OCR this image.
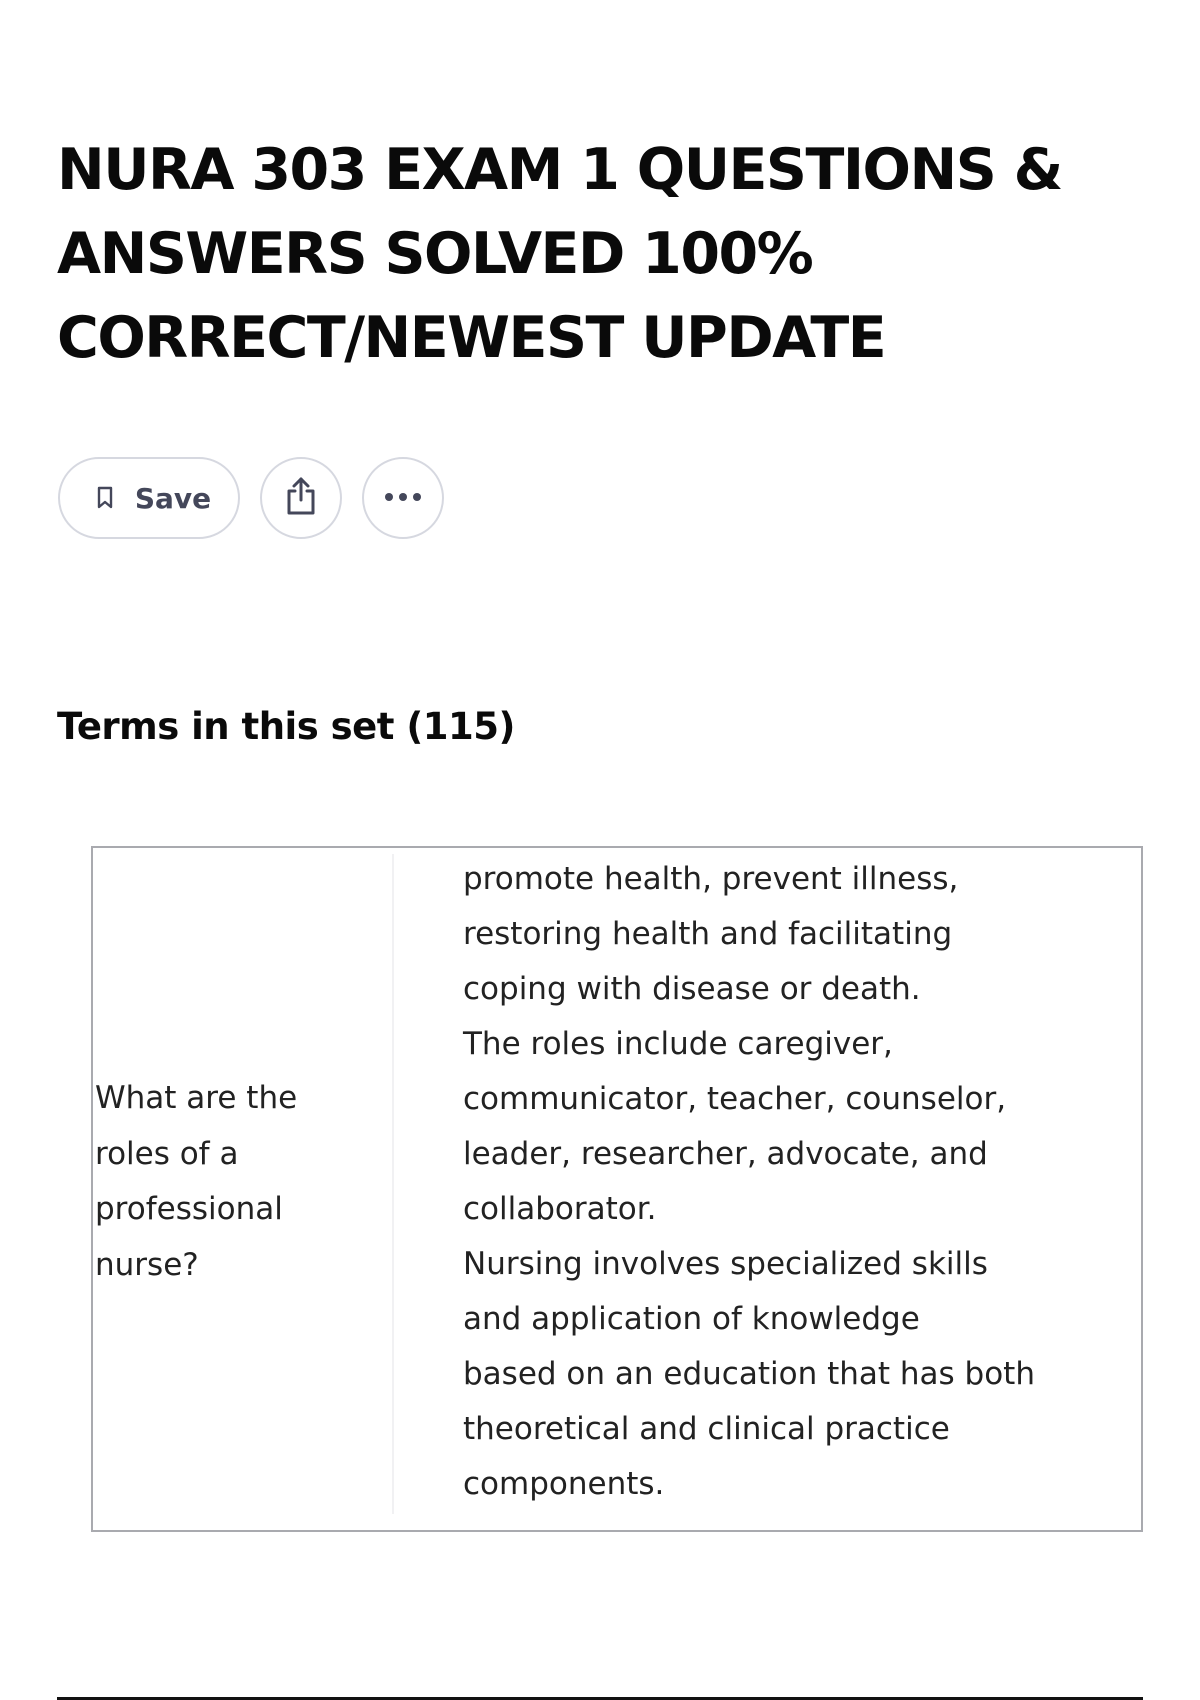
NURA 303 EXAM 1 QUESTIONS & ANSWERS SOLVED 100% CORRECT/NEWEST UPDATE
Save
Terms in this set (115)

What are the roles of a professional nurse?

promote health, prevent illness,
restoring health and facilitating
coping with disease or death.
The roles include caregiver,
communicator, teacher, counselor,
leader, researcher, advocate, and
collaborator.
Nursing involves specialized skills
and application of knowledge
based on an education that has both
theoretical and clinical practice
components.
